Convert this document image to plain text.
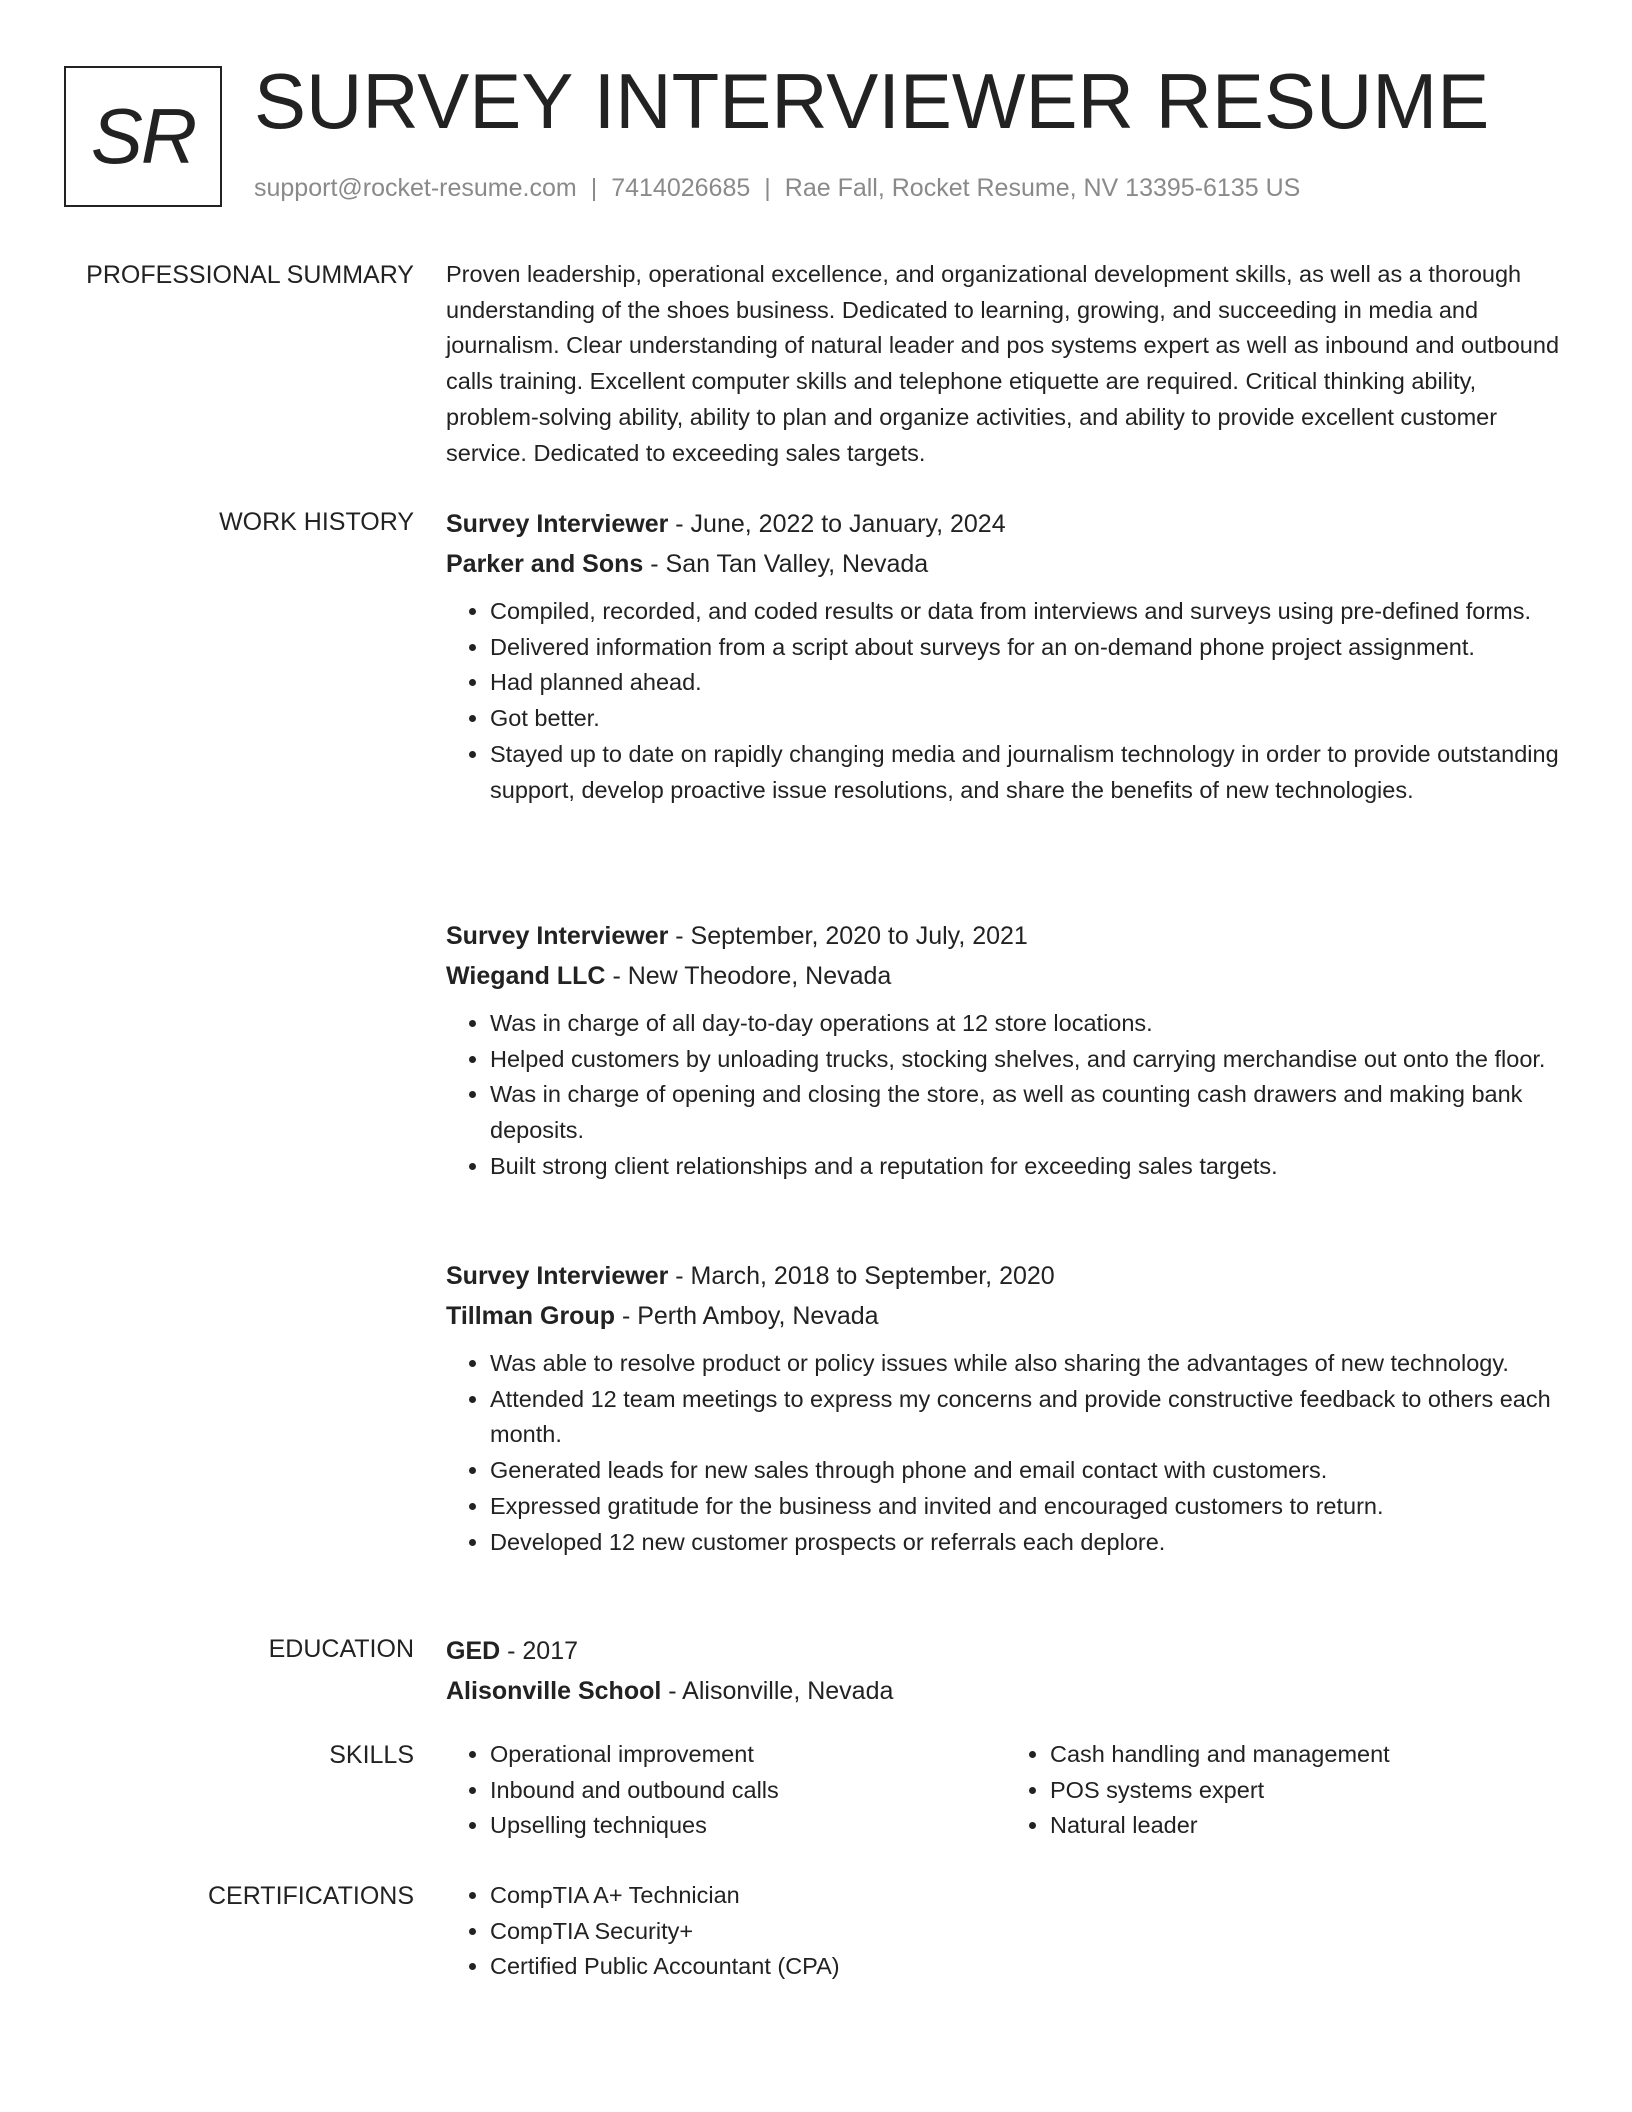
SR SURVEY INTERVIEWER RESUME
support@rocket-resume.com | 7414026685 | Rae Fall, Rocket Resume, NV 13395-6135 US
PROFESSIONAL SUMMARY Proven leadership, operational excellence, and organizational development skills, as well as a thorough understanding of the shoes business. Dedicated to learning, growing, and succeeding in media and journalism. Clear understanding of natural leader and pos systems expert as well as inbound and outbound calls training. Excellent computer skills and telephone etiquette are required. Critical thinking ability, problem-solving ability, ability to plan and organize activities, and ability to provide excellent customer service. Dedicated to exceeding sales targets.

WORK HISTORY Survey Interviewer - June, 2022 to January, 2024
Parker and Sons - San Tan Valley, Nevada
• Compiled, recorded, and coded results or data from interviews and surveys using pre-defined forms.
• Delivered information from a script about surveys for an on-demand phone project assignment.
• Had planned ahead.
• Got better.
• Stayed up to date on rapidly changing media and journalism technology in order to provide outstanding support, develop proactive issue resolutions, and share the benefits of new technologies.
Survey Interviewer - September, 2020 to July, 2021
Wiegand LLC - New Theodore, Nevada
• Was in charge of all day-to-day operations at 12 store locations.
• Helped customers by unloading trucks, stocking shelves, and carrying merchandise out onto the floor.
• Was in charge of opening and closing the store, as well as counting cash drawers and making bank deposits.
• Built strong client relationships and a reputation for exceeding sales targets.
Survey Interviewer - March, 2018 to September, 2020
Tillman Group - Perth Amboy, Nevada
• Was able to resolve product or policy issues while also sharing the advantages of new technology.
• Attended 12 team meetings to express my concerns and provide constructive feedback to others each month.
• Generated leads for new sales through phone and email contact with customers.
• Expressed gratitude for the business and invited and encouraged customers to return.
• Developed 12 new customer prospects or referrals each deplore.
EDUCATION GED - 2017
Alisonville School - Alisonville, Nevada
SKILLS	• Operational improvement
• Inbound and outbound calls
• Upselling techniques
• Cash handling and management
• POS systems expert
• Natural leader
CERTIFICATIONS	• CompTIA A+ Technician
• CompTIA Security+
• Certified Public Accountant (CPA)
